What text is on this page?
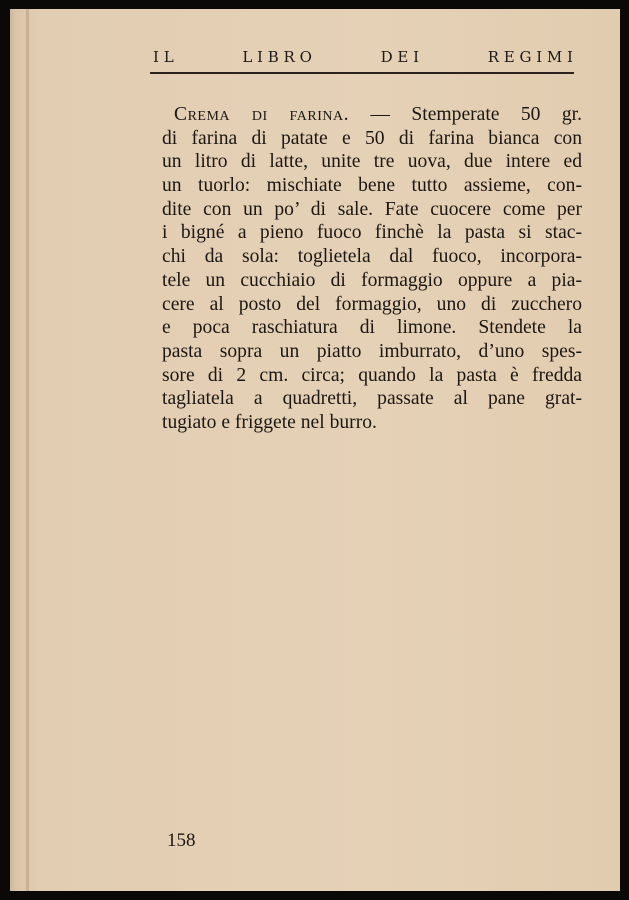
I L	L I B R O	D E I	R E G I M I
Crema di farina. — Stemperate 50 gr.
di farina di patate e 50 di farina bianca con
un litro di latte, unite tre uova, due intere ed
un tuorlo: mischiate bene tutto assieme, con-
dite con un po’ di sale. Fate cuocere come per
i bigné a pieno fuoco finchè la pasta si stac-
chi da sola: toglietela dal fuoco, incorpora-
tele un cucchiaio di formaggio oppure a pia-
cere al posto del formaggio, uno di zucchero
e poca raschiatura di limone. Stendete la
pasta sopra un piatto imburrato, d’uno spes-
sore di 2 cm. circa; quando la pasta è fredda
tagliatela a quadretti, passate al pane grat-
tugiato e friggete nel burro.
158
